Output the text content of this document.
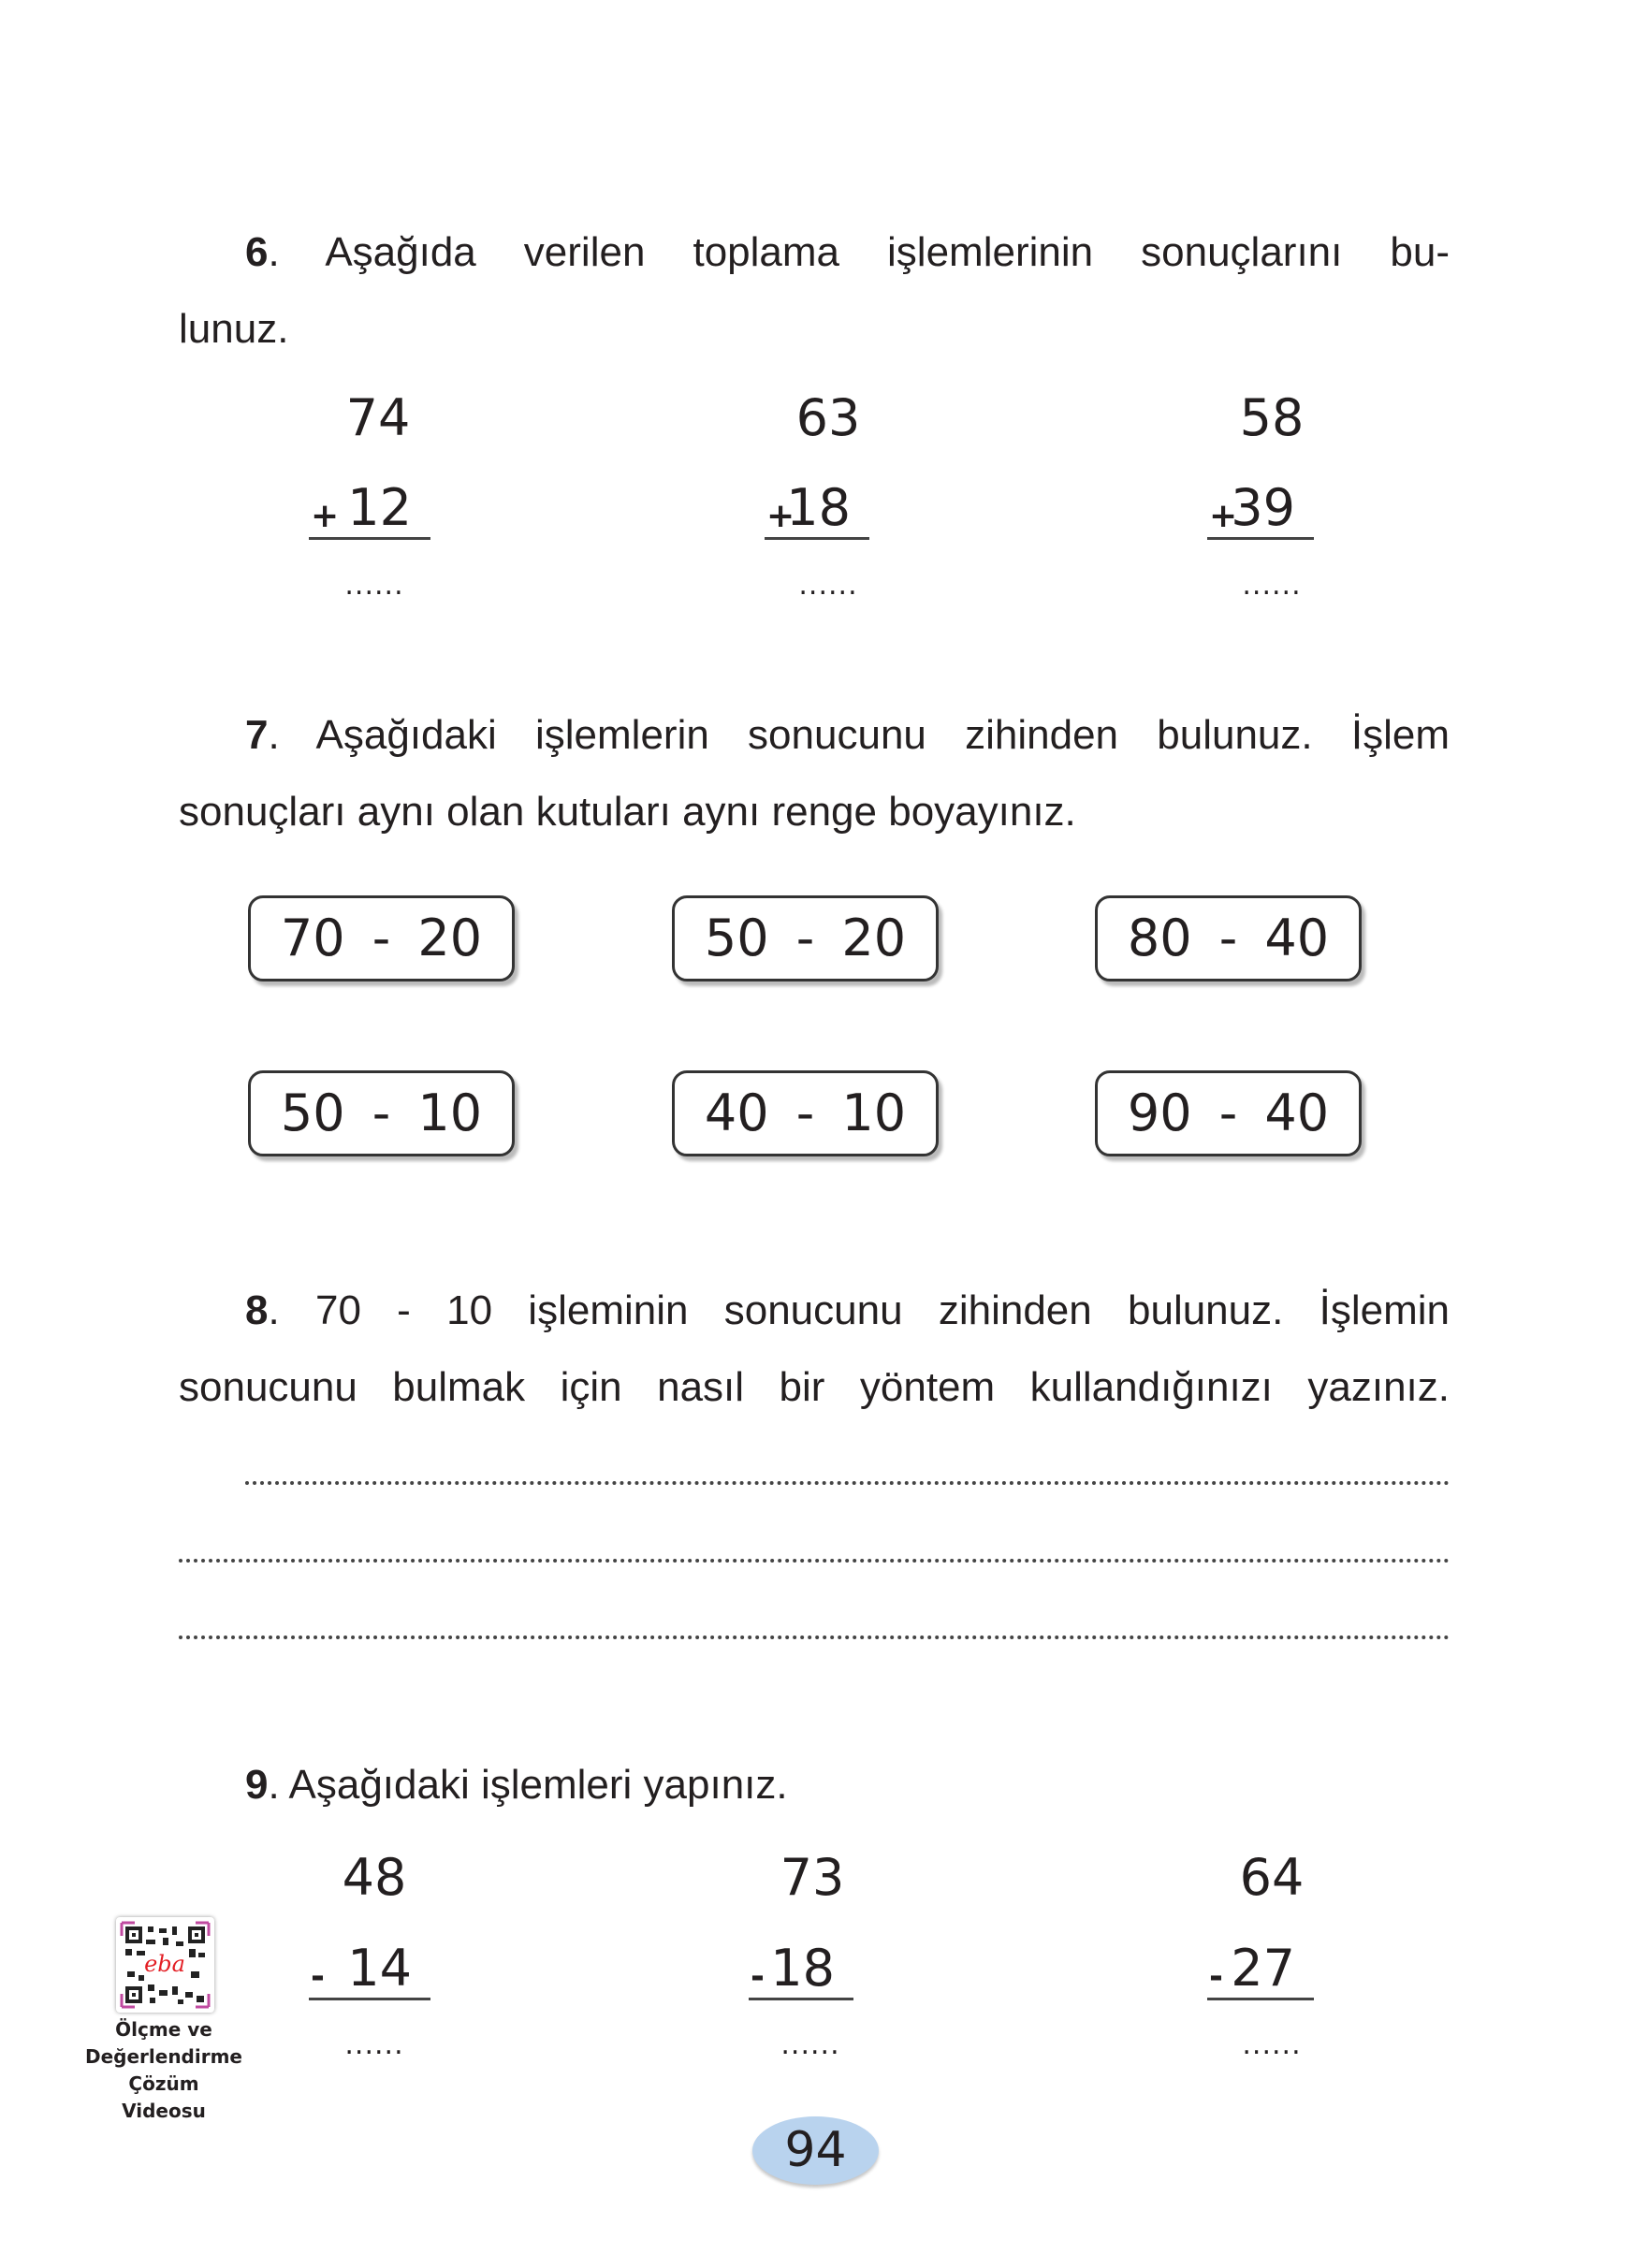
6. Aşağıda verilen toplama işlemlerinin sonuçlarını bu-
lunuz.
74
+ 12
......
63
+
18
......
58
+
39
......
7. Aşağıdaki işlemlerin sonucunu zihinden bulunuz. İşlem
sonuçları aynı olan kutuları aynı renge boyayınız.
70 - 20	50 - 20	80 - 40
50 - 10	40 - 10	90 - 40
8. 70 - 10 işleminin sonucunu zihinden bulunuz. İşlemin
sonucunu bulmak için nasıl bir yöntem kullandığınızı yazınız.
9. Aşağıdaki işlemleri yapınız.
48
- 14
......
73
- 18
......
64
- 27
......
eba
Ölçme ve
Değerlendirme
Çözüm Videosu
94
